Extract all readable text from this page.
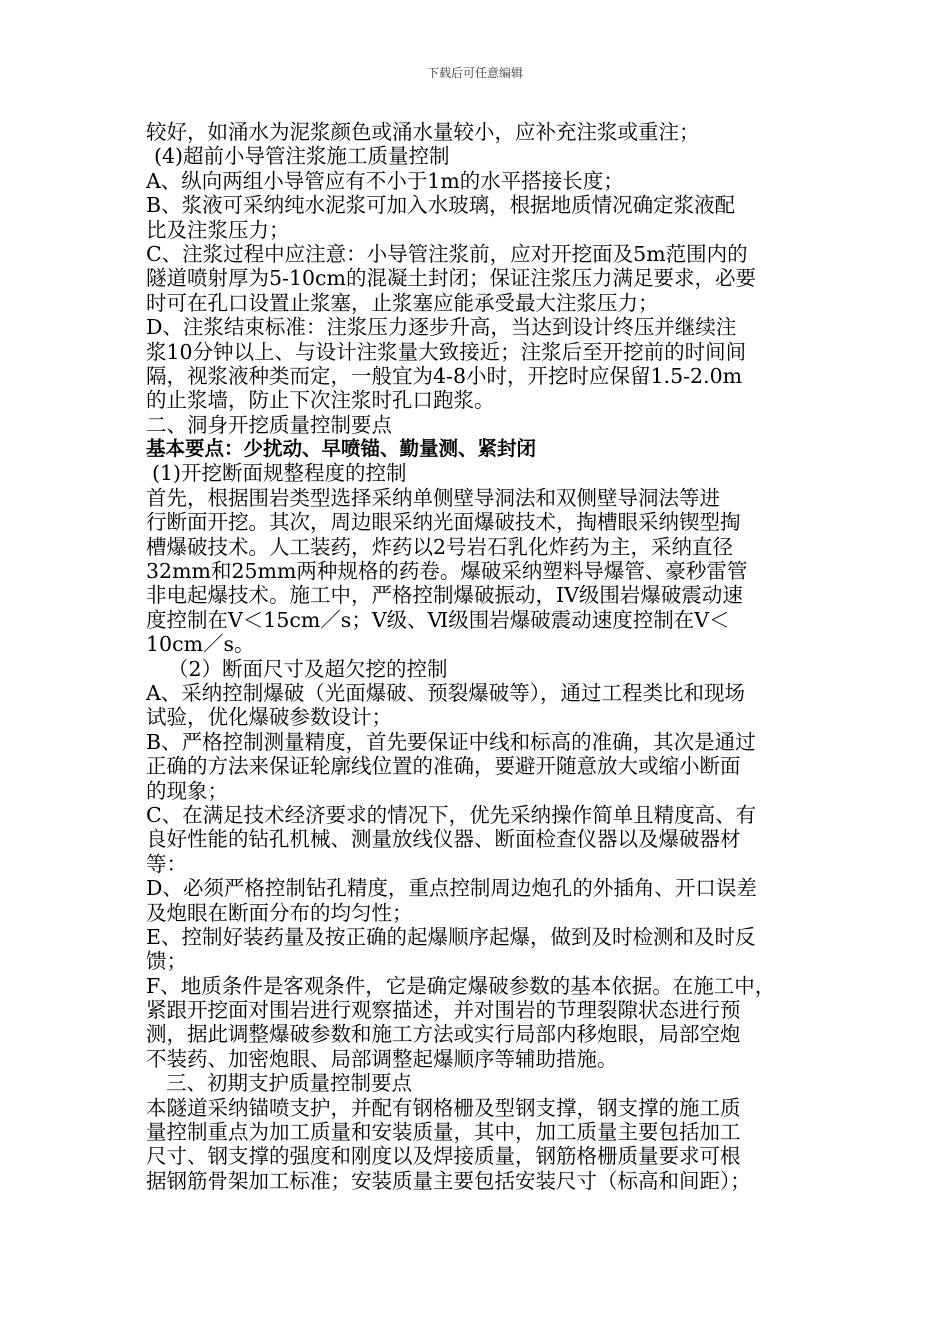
下载后可任意编辑
较好，如涌水为泥浆颜色或涌水量较小，应补充注浆或重注；
(4)超前小导管注浆施工质量控制
A、纵向两组小导管应有不小于1m的水平搭接长度；
B、浆液可采纳纯水泥浆可加入水玻璃，根据地质情况确定浆液配
比及注浆压力；
C、注浆过程中应注意：小导管注浆前，应对开挖面及5m范围内的
隧道喷射厚为5-10cm的混凝土封闭；保证注浆压力满足要求，必要
时可在孔口设置止浆塞，止浆塞应能承受最大注浆压力；
D、注浆结束标准：注浆压力逐步升高，当达到设计终压并继续注
浆10分钟以上、与设计注浆量大致接近；注浆后至开挖前的时间间
隔，视浆液种类而定，一般宜为4-8小时，开挖时应保留1.5-2.0m
的止浆墙，防止下次注浆时孔口跑浆。
二、洞身开挖质量控制要点
基本要点：少扰动、早喷锚、勤量测、紧封闭
(1)开挖断面规整程度的控制
首先，根据围岩类型选择采纳单侧壁导洞法和双侧壁导洞法等进
行断面开挖。其次，周边眼采纳光面爆破技术，掏槽眼采纳锲型掏
槽爆破技术。人工装药，炸药以2号岩石乳化炸药为主，采纳直径
32mm和25mm两种规格的药卷。爆破采纳塑料导爆管、豪秒雷管
非电起爆技术。施工中，严格控制爆破振动，IV级围岩爆破震动速
度控制在Ⅴ＜15cm／s；Ⅴ级、Ⅵ级围岩爆破震动速度控制在Ⅴ＜
10cm／s。
（2）断面尺寸及超欠挖的控制
A、采纳控制爆破（光面爆破、预裂爆破等），通过工程类比和现场
试验，优化爆破参数设计；
B、严格控制测量精度，首先要保证中线和标高的准确，其次是通过
正确的方法来保证轮廓线位置的准确，要避开随意放大或缩小断面
的现象；
C、在满足技术经济要求的情况下，优先采纳操作简单且精度高、有
良好性能的钻孔机械、测量放线仪器、断面检查仪器以及爆破器材
等：
D、必须严格控制钻孔精度，重点控制周边炮孔的外插角、开口误差
及炮眼在断面分布的均匀性；
E、控制好装药量及按正确的起爆顺序起爆，做到及时检测和及时反
馈；
F、地质条件是客观条件，它是确定爆破参数的基本依据。在施工中，
紧跟开挖面对围岩进行观察描述，并对围岩的节理裂隙状态进行预
测，据此调整爆破参数和施工方法或实行局部内移炮眼，局部空炮
不装药、加密炮眼、局部调整起爆顺序等辅助措施。
三、初期支护质量控制要点
本隧道采纳锚喷支护，并配有钢格栅及型钢支撑，钢支撑的施工质
量控制重点为加工质量和安装质量，其中，加工质量主要包括加工
尺寸、钢支撑的强度和刚度以及焊接质量，钢筋格栅质量要求可根
据钢筋骨架加工标准；安装质量主要包括安装尺寸（标高和间距）；
